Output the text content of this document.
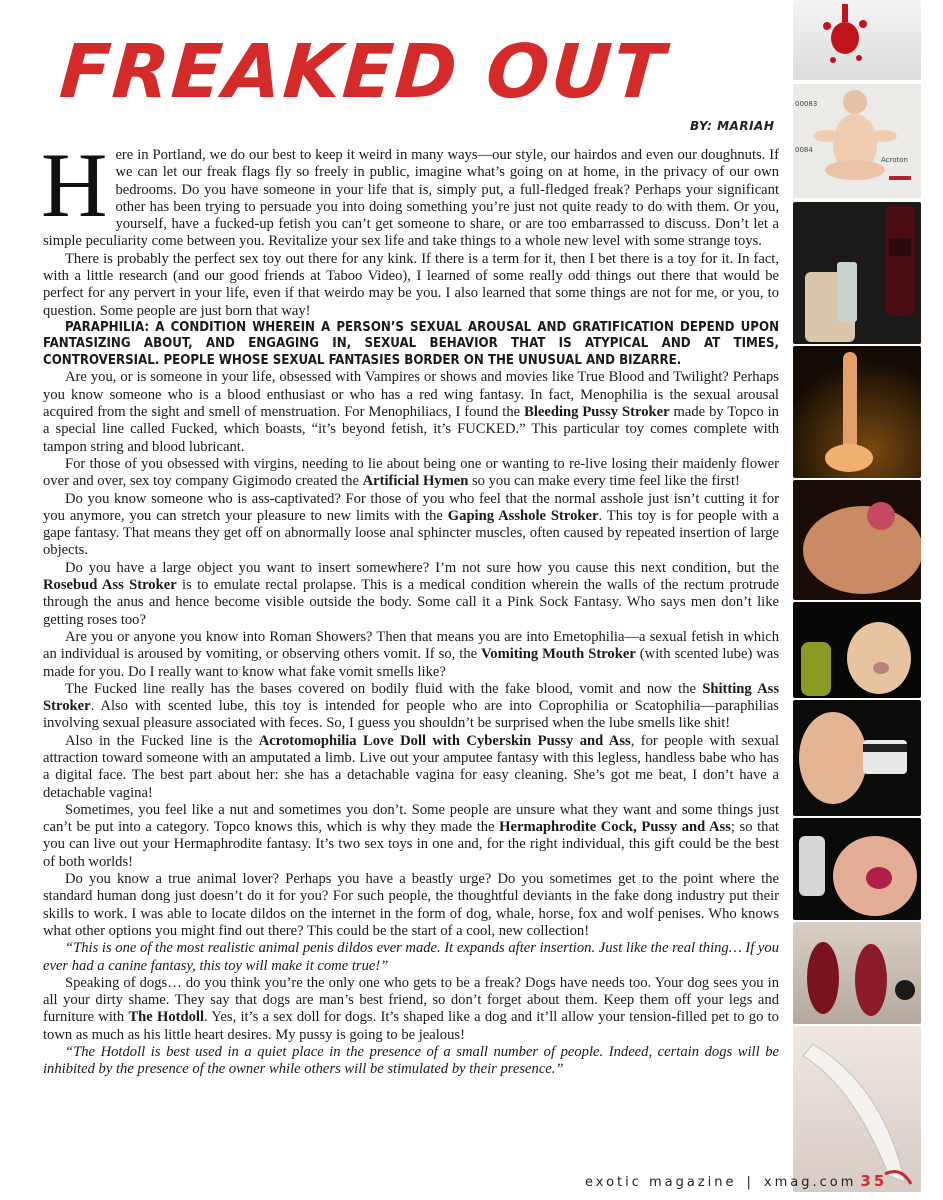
FREAKED OUT
BY: MARIAH

Here in Portland, we do our best to keep it weird in many ways—our style, our hairdos and even our doughnuts. If we can let our freak flags fly so freely in public, imagine what’s going on at home, in the privacy of our own bedrooms. Do you have someone in your life that is, simply put, a full-fledged freak? Perhaps your significant other has been trying to persuade you into doing something you’re just not quite ready to do with them. Or you, yourself, have a fucked-up fetish you can’t get someone to share, or are too embarrassed to discuss. Don’t let a simple peculiarity come between you. Revitalize your sex life and take things to a whole new level with some strange toys.

There is probably the perfect sex toy out there for any kink. If there is a term for it, then I bet there is a toy for it. In fact, with a little research (and our good friends at Taboo Video), I learned of some really odd things out there that would be perfect for any pervert in your life, even if that weirdo may be you. I also learned that some things are not for me, or you, to question. Some people are just born that way!

PARAPHILIA: A CONDITION WHEREIN A PERSON’S SEXUAL AROUSAL AND GRATIFICATION DEPEND UPON FANTASIZING ABOUT, AND ENGAGING IN, SEXUAL BEHAVIOR THAT IS ATYPICAL AND AT TIMES, CONTROVERSIAL. PEOPLE WHOSE SEXUAL FANTASIES BORDER ON THE UNUSUAL AND BIZARRE.

Are you, or is someone in your life, obsessed with Vampires or shows and movies like True Blood and Twilight? Perhaps you know someone who is a blood enthusiast or who has a red wing fantasy. In fact, Menophilia is the sexual arousal acquired from the sight and smell of menstruation. For Menophiliacs, I found the Bleeding Pussy Stroker made by Topco in a special line called Fucked, which boasts, “it’s beyond fetish, it’s FUCKED.” This particular toy comes complete with tampon string and blood lubricant.

For those of you obsessed with virgins, needing to lie about being one or wanting to re-live losing their maidenly flower over and over, sex toy company Gigimodo created the Artificial Hymen so you can make every time feel like the first!

Do you know someone who is ass-captivated? For those of you who feel that the normal asshole just isn’t cutting it for you anymore, you can stretch your pleasure to new limits with the Gaping Asshole Stroker. This toy is for people with a gape fantasy. That means they get off on abnormally loose anal sphincter muscles, often caused by repeated insertion of large objects.

Do you have a large object you want to insert somewhere? I’m not sure how you cause this next condition, but the Rosebud Ass Stroker is to emulate rectal prolapse. This is a medical condition wherein the walls of the rectum protrude through the anus and hence become visible outside the body. Some call it a Pink Sock Fantasy. Who says men don’t like getting roses too?

Are you or anyone you know into Roman Showers? Then that means you are into Emetophilia—a sexual fetish in which an individual is aroused by vomiting, or observing others vomit. If so, the Vomiting Mouth Stroker (with scented lube) was made for you. Do I really want to know what fake vomit smells like?

The Fucked line really has the bases covered on bodily fluid with the fake blood, vomit and now the Shitting Ass Stroker. Also with scented lube, this toy is intended for people who are into Coprophilia or Scatophilia—paraphilias involving sexual pleasure associated with feces. So, I guess you shouldn’t be surprised when the lube smells like shit!

Also in the Fucked line is the Acrotomophilia Love Doll with Cyberskin Pussy and Ass, for people with sexual attraction toward someone with an amputated a limb. Live out your amputee fantasy with this legless, handless babe who has a digital face. The best part about her: she has a detachable vagina for easy cleaning. She’s got me beat, I don’t have a detachable vagina!

Sometimes, you feel like a nut and sometimes you don’t. Some people are unsure what they want and some things just can’t be put into a category. Topco knows this, which is why they made the Hermaphrodite Cock, Pussy and Ass; so that you can live out your Hermaphrodite fantasy. It’s two sex toys in one and, for the right individual, this gift could be the best of both worlds!

Do you know a true animal lover? Perhaps you have a beastly urge? Do you sometimes get to the point where the standard human dong just doesn’t do it for you? For such people, the thoughtful deviants in the fake dong industry put their skills to work. I was able to locate dildos on the internet in the form of dog, whale, horse, fox and wolf penises. Who knows what other options you might find out there? This could be the start of a cool, new collection!

“This is one of the most realistic animal penis dildos ever made. It expands after insertion. Just like the real thing… If you ever had a canine fantasy, this toy will make it come true!”

Speaking of dogs… do you think you’re the only one who gets to be a freak? Dogs have needs too. Your dog sees you in all your dirty shame. They say that dogs are man’s best friend, so don’t forget about them. Keep them off your legs and furniture with The Hotdoll. Yes, it’s a sex doll for dogs. It’s shaped like a dog and it’ll allow your tension-filled pet to go to town as much as his little heart desires. My pussy is going to be jealous!

“The Hotdoll is best used in a quiet place in the presence of a small number of people. Indeed, certain dogs will be inhibited by the presence of the owner while others will be stimulated by their presence.”

00083
0084
Acroton
exotic magazine | xmag.com 35
